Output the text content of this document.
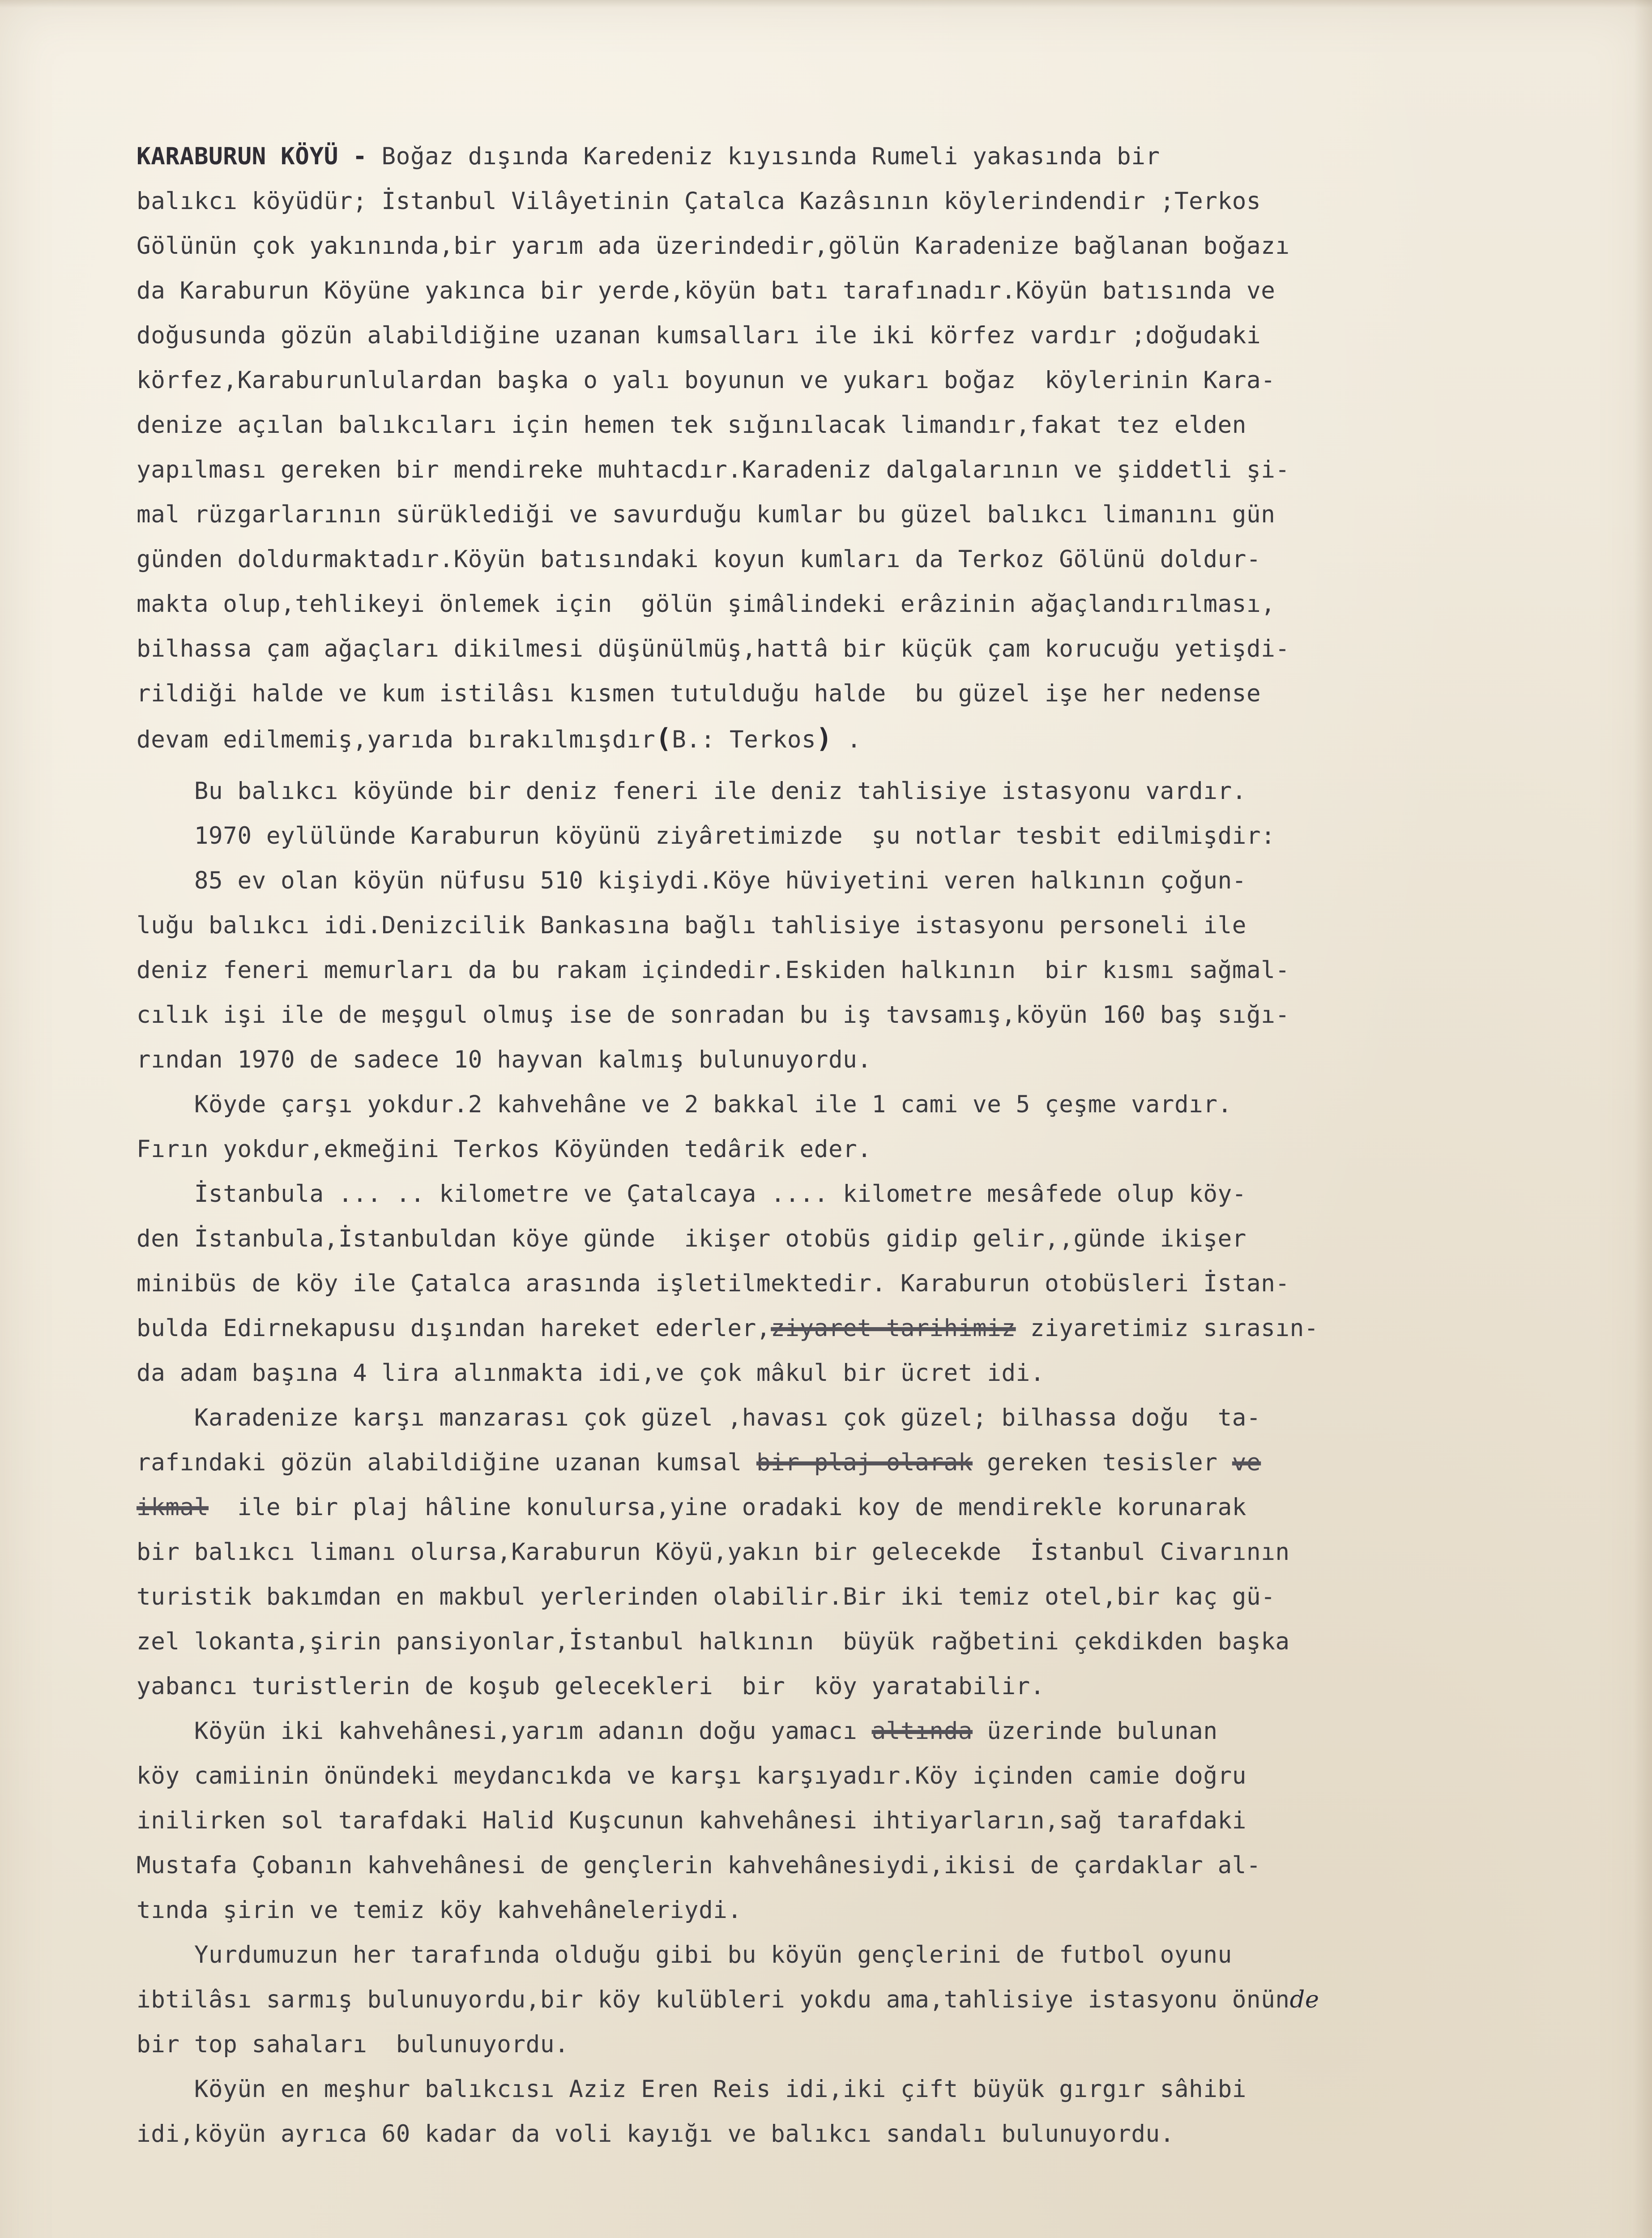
KARABURUN KÖYÜ - Boğaz dışında Karedeniz kıyısında Rumeli yakasında bir
balıkcı köyüdür; İstanbul Vilâyetinin Çatalca Kazâsının köylerindendir ;Terkos
Gölünün çok yakınında,bir yarım ada üzerindedir,gölün Karadenize bağlanan boğazı
da Karaburun Köyüne yakınca bir yerde,köyün batı tarafınadır.Köyün batısında ve
doğusunda gözün alabildiğine uzanan kumsalları ile iki körfez vardır ;doğudaki
körfez,Karaburunlulardan başka o yalı boyunun ve yukarı boğaz  köylerinin Kara-
denize açılan balıkcıları için hemen tek sığınılacak limandır,fakat tez elden
yapılması gereken bir mendireke muhtacdır.Karadeniz dalgalarının ve şiddetli şi-
mal rüzgarlarının sürüklediği ve savurduğu kumlar bu güzel balıkcı limanını gün
günden doldurmaktadır.Köyün batısındaki koyun kumları da Terkoz Gölünü doldur-
makta olup,tehlikeyi önlemek için  gölün şimâlindeki erâzinin ağaçlandırılması,
bilhassa çam ağaçları dikilmesi düşünülmüş,hattâ bir küçük çam korucuğu yetişdi-
rildiği halde ve kum istilâsı kısmen tutulduğu halde  bu güzel işe her nedense
devam edilmemiş,yarıda bırakılmışdır(B.: Terkos) .
Bu balıkcı köyünde bir deniz feneri ile deniz tahlisiye istasyonu vardır.
1970 eylülünde Karaburun köyünü ziyâretimizde  şu notlar tesbit edilmişdir:
85 ev olan köyün nüfusu 510 kişiydi.Köye hüviyetini veren halkının çoğun-
luğu balıkcı idi.Denizcilik Bankasına bağlı tahlisiye istasyonu personeli ile
deniz feneri memurları da bu rakam içindedir.Eskiden halkının  bir kısmı sağmal-
cılık işi ile de meşgul olmuş ise de sonradan bu iş tavsamış,köyün 160 baş sığı-
rından 1970 de sadece 10 hayvan kalmış bulunuyordu.
Köyde çarşı yokdur.2 kahvehâne ve 2 bakkal ile 1 cami ve 5 çeşme vardır.
Fırın yokdur,ekmeğini Terkos Köyünden tedârik eder.
İstanbula ... .. kilometre ve Çatalcaya .... kilometre mesâfede olup köy-
den İstanbula,İstanbuldan köye günde  ikişer otobüs gidip gelir,,günde ikişer
minibüs de köy ile Çatalca arasında işletilmektedir. Karaburun otobüsleri İstan-
bulda Edirnekapusu dışından hareket ederler,ziyaret tarihimiz ziyaretimiz sırasın-
da adam başına 4 lira alınmakta idi,ve çok mâkul bir ücret idi.
Karadenize karşı manzarası çok güzel ,havası çok güzel; bilhassa doğu  ta-
rafındaki gözün alabildiğine uzanan kumsal bir plaj olarak gereken tesisler ve
ikmal  ile bir plaj hâline konulursa,yine oradaki koy de mendirekle korunarak
bir balıkcı limanı olursa,Karaburun Köyü,yakın bir gelecekde  İstanbul Civarının
turistik bakımdan en makbul yerlerinden olabilir.Bir iki temiz otel,bir kaç gü-
zel lokanta,şirin pansiyonlar,İstanbul halkının  büyük rağbetini çekdikden başka
yabancı turistlerin de koşub gelecekleri  bir  köy yaratabilir.
Köyün iki kahvehânesi,yarım adanın doğu yamacı altında üzerinde bulunan
köy camiinin önündeki meydancıkda ve karşı karşıyadır.Köy içinden camie doğru
inilirken sol tarafdaki Halid Kuşcunun kahvehânesi ihtiyarların,sağ tarafdaki
Mustafa Çobanın kahvehânesi de gençlerin kahvehânesiydi,ikisi de çardaklar al-
tında şirin ve temiz köy kahvehâneleriydi.
Yurdumuzun her tarafında olduğu gibi bu köyün gençlerini de futbol oyunu
ibtilâsı sarmış bulunuyordu,bir köy kulübleri yokdu ama,tahlisiye istasyonu önünde
bir top sahaları  bulunuyordu.
Köyün en meşhur balıkcısı Aziz Eren Reis idi,iki çift büyük gırgır sâhibi
idi,köyün ayrıca 60 kadar da voli kayığı ve balıkcı sandalı bulunuyordu.
